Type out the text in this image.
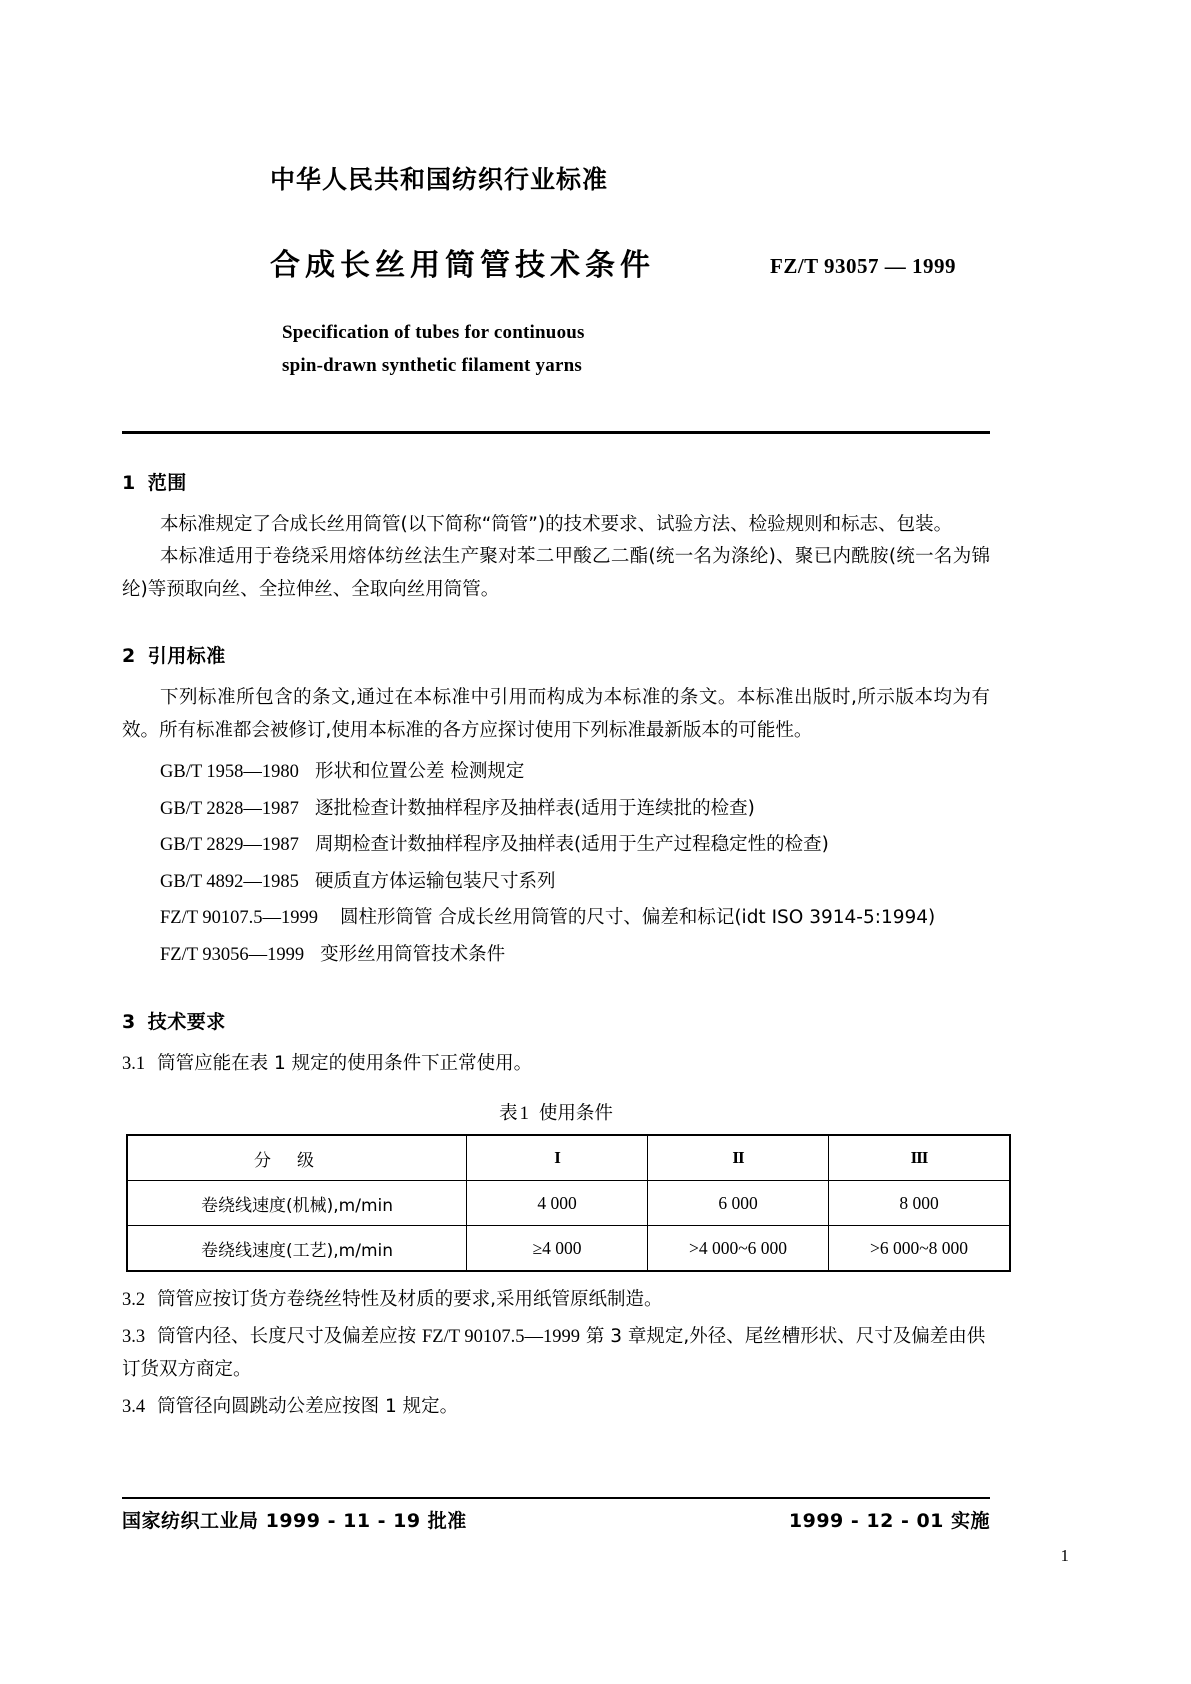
中华人民共和国纺织行业标准
合成长丝用筒管技术条件	FZ/T 93057 — 1999
Specification of tubes for continuous
spin-drawn synthetic filament yarns
1 范围
本标准规定了合成长丝用筒管(以下简称“筒管”)的技术要求、试验方法、检验规则和标志、包装。
本标准适用于卷绕采用熔体纺丝法生产聚对苯二甲酸乙二酯(统一名为涤纶)、聚已内酰胺(统一名为锦纶)等预取向丝、全拉伸丝、全取向丝用筒管。
2 引用标准
下列标准所包含的条文,通过在本标准中引用而构成为本标准的条文。本标准出版时,所示版本均为有效。所有标准都会被修订,使用本标准的各方应探讨使用下列标准最新版本的可能性。
GB/T 1958—1980 形状和位置公差 检测规定
GB/T 2828—1987 逐批检查计数抽样程序及抽样表(适用于连续批的检查)
GB/T 2829—1987 周期检查计数抽样程序及抽样表(适用于生产过程稳定性的检查)
GB/T 4892—1985 硬质直方体运输包装尺寸系列
FZ/T 90107.5—1999 圆柱形筒管 合成长丝用筒管的尺寸、偏差和标记(idt ISO 3914-5:1994)
FZ/T 93056—1999 变形丝用筒管技术条件
3 技术要求
3.1 筒管应能在表 1 规定的使用条件下正常使用。
表 1 使用条件
分级	I	II	III
卷绕线速度(机械),m/min	4 000	6 000	8 000
卷绕线速度(工艺),m/min	≥4 000	>4 000~6 000	>6 000~8 000
3.2 筒管应按订货方卷绕丝特性及材质的要求,采用纸管原纸制造。
3.3 筒管内径、长度尺寸及偏差应按 FZ/T 90107.5—1999 第 3 章规定,外径、尾丝槽形状、尺寸及偏差由供订货双方商定。
3.4 筒管径向圆跳动公差应按图 1 规定。
国家纺织工业局 1999 - 11 - 19 批准	1999 - 12 - 01 实施
1
